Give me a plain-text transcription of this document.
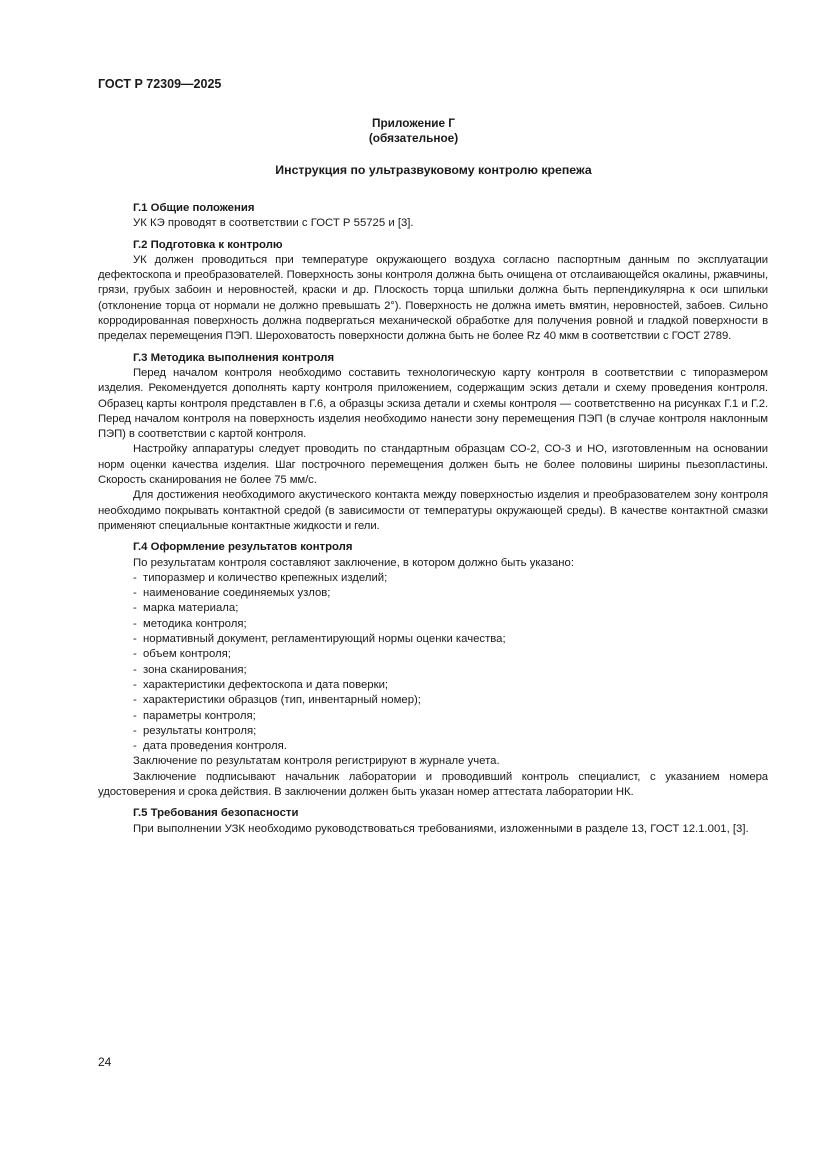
ГОСТ Р 72309—2025
Приложение Г
(обязательное)
Инструкция по ультразвуковому контролю крепежа
Г.1 Общие положения
УК КЭ проводят в соответствии с ГОСТ Р 55725 и [3].
Г.2 Подготовка к контролю
УК должен проводиться при температуре окружающего воздуха согласно паспортным данным по эксплуатации дефектоскопа и преобразователей. Поверхность зоны контроля должна быть очищена от отслаивающейся окалины, ржавчины, грязи, грубых забоин и неровностей, краски и др. Плоскость торца шпильки должна быть перпендикулярна к оси шпильки (отклонение торца от нормали не должно превышать 2°). Поверхность не должна иметь вмятин, неровностей, забоев. Сильно корродированная поверхность должна подвергаться механической обработке для получения ровной и гладкой поверхности в пределах перемещения ПЭП. Шероховатость поверхности должна быть не более Rz 40 мкм в соответствии с ГОСТ 2789.
Г.3 Методика выполнения контроля
Перед началом контроля необходимо составить технологическую карту контроля в соответствии с типоразмером изделия. Рекомендуется дополнять карту контроля приложением, содержащим эскиз детали и схему проведения контроля. Образец карты контроля представлен в Г.6, а образцы эскиза детали и схемы контроля — соответственно на рисунках Г.1 и Г.2. Перед началом контроля на поверхность изделия необходимо нанести зону перемещения ПЭП (в случае контроля наклонным ПЭП) в соответствии с картой контроля.
Настройку аппаратуры следует проводить по стандартным образцам СО-2, СО-3 и НО, изготовленным на основании норм оценки качества изделия. Шаг построчного перемещения должен быть не более половины ширины пьезопластины. Скорость сканирования не более 75 мм/с.
Для достижения необходимого акустического контакта между поверхностью изделия и преобразователем зону контроля необходимо покрывать контактной средой (в зависимости от температуры окружающей среды). В качестве контактной смазки применяют специальные контактные жидкости и гели.
Г.4 Оформление результатов контроля
По результатам контроля составляют заключение, в котором должно быть указано:
- типоразмер и количество крепежных изделий;
- наименование соединяемых узлов;
- марка материала;
- методика контроля;
- нормативный документ, регламентирующий нормы оценки качества;
- объем контроля;
- зона сканирования;
- характеристики дефектоскопа и дата поверки;
- характеристики образцов (тип, инвентарный номер);
- параметры контроля;
- результаты контроля;
- дата проведения контроля.
Заключение по результатам контроля регистрируют в журнале учета.
Заключение подписывают начальник лаборатории и проводивший контроль специалист, с указанием номера удостоверения и срока действия. В заключении должен быть указан номер аттестата лаборатории НК.
Г.5 Требования безопасности
При выполнении УЗК необходимо руководствоваться требованиями, изложенными в разделе 13, ГОСТ 12.1.001, [3].
24
